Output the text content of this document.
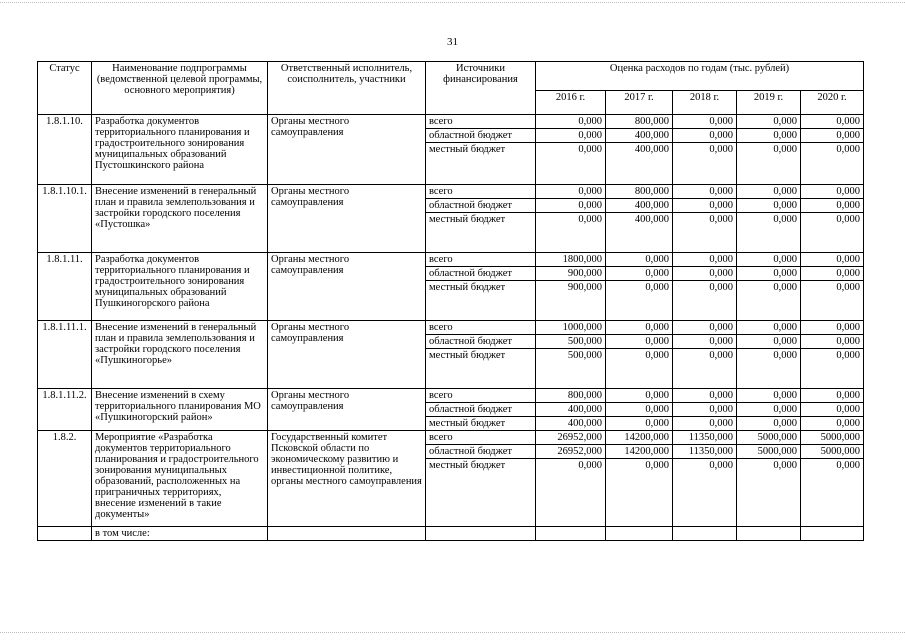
31
Статус	Наименование подпрограммы (ведомственной целевой программы, основного мероприятия)	Ответственный исполнитель, соисполнитель, участники	Источники финансирования	Оценка расходов по годам (тыс. рублей)				
				2016 г.	2017 г.	2018 г.	2019 г.	2020 г.
1.8.1.10.	Разработка документов территориального планирования и градостроительного зонирования муниципальных образований Пустошкинского района	Органы местного самоуправления	всего	0,000	800,000	0,000	0,000	0,000
			областной бюджет	0,000	400,000	0,000	0,000	0,000
			местный бюджет	0,000	400,000	0,000	0,000	0,000
1.8.1.10.1.	Внесение изменений в генеральный план и правила землепользования и застройки городского поселения «Пустошка»	Органы местного самоуправления	всего	0,000	800,000	0,000	0,000	0,000
			областной бюджет	0,000	400,000	0,000	0,000	0,000
			местный бюджет	0,000	400,000	0,000	0,000	0,000
1.8.1.11.	Разработка документов территориального планирования и градостроительного зонирования муниципальных образований Пушкиногорского района	Органы местного самоуправления	всего	1800,000	0,000	0,000	0,000	0,000
			областной бюджет	900,000	0,000	0,000	0,000	0,000
			местный бюджет	900,000	0,000	0,000	0,000	0,000
1.8.1.11.1.	Внесение изменений в генеральный план и правила землепользования и застройки городского поселения «Пушкиногорье»	Органы местного самоуправления	всего	1000,000	0,000	0,000	0,000	0,000
			областной бюджет	500,000	0,000	0,000	0,000	0,000
			местный бюджет	500,000	0,000	0,000	0,000	0,000
1.8.1.11.2.	Внесение изменений в схему территориального планирования МО «Пушкиногорский район»	Органы местного самоуправления	всего	800,000	0,000	0,000	0,000	0,000
			областной бюджет	400,000	0,000	0,000	0,000	0,000
			местный бюджет	400,000	0,000	0,000	0,000	0,000
1.8.2.	Мероприятие «Разработка документов территориального планирования и градостроительного зонирования муниципальных образований, расположенных на приграничных территориях, внесение изменений в такие документы»	Государственный комитет Псковской области по экономическому развитию и инвестиционной политике, органы местного самоуправления	всего	26952,000	14200,000	11350,000	5000,000	5000,000
			областной бюджет	26952,000	14200,000	11350,000	5000,000	5000,000
			местный бюджет	0,000	0,000	0,000	0,000	0,000
	в том числе:							
